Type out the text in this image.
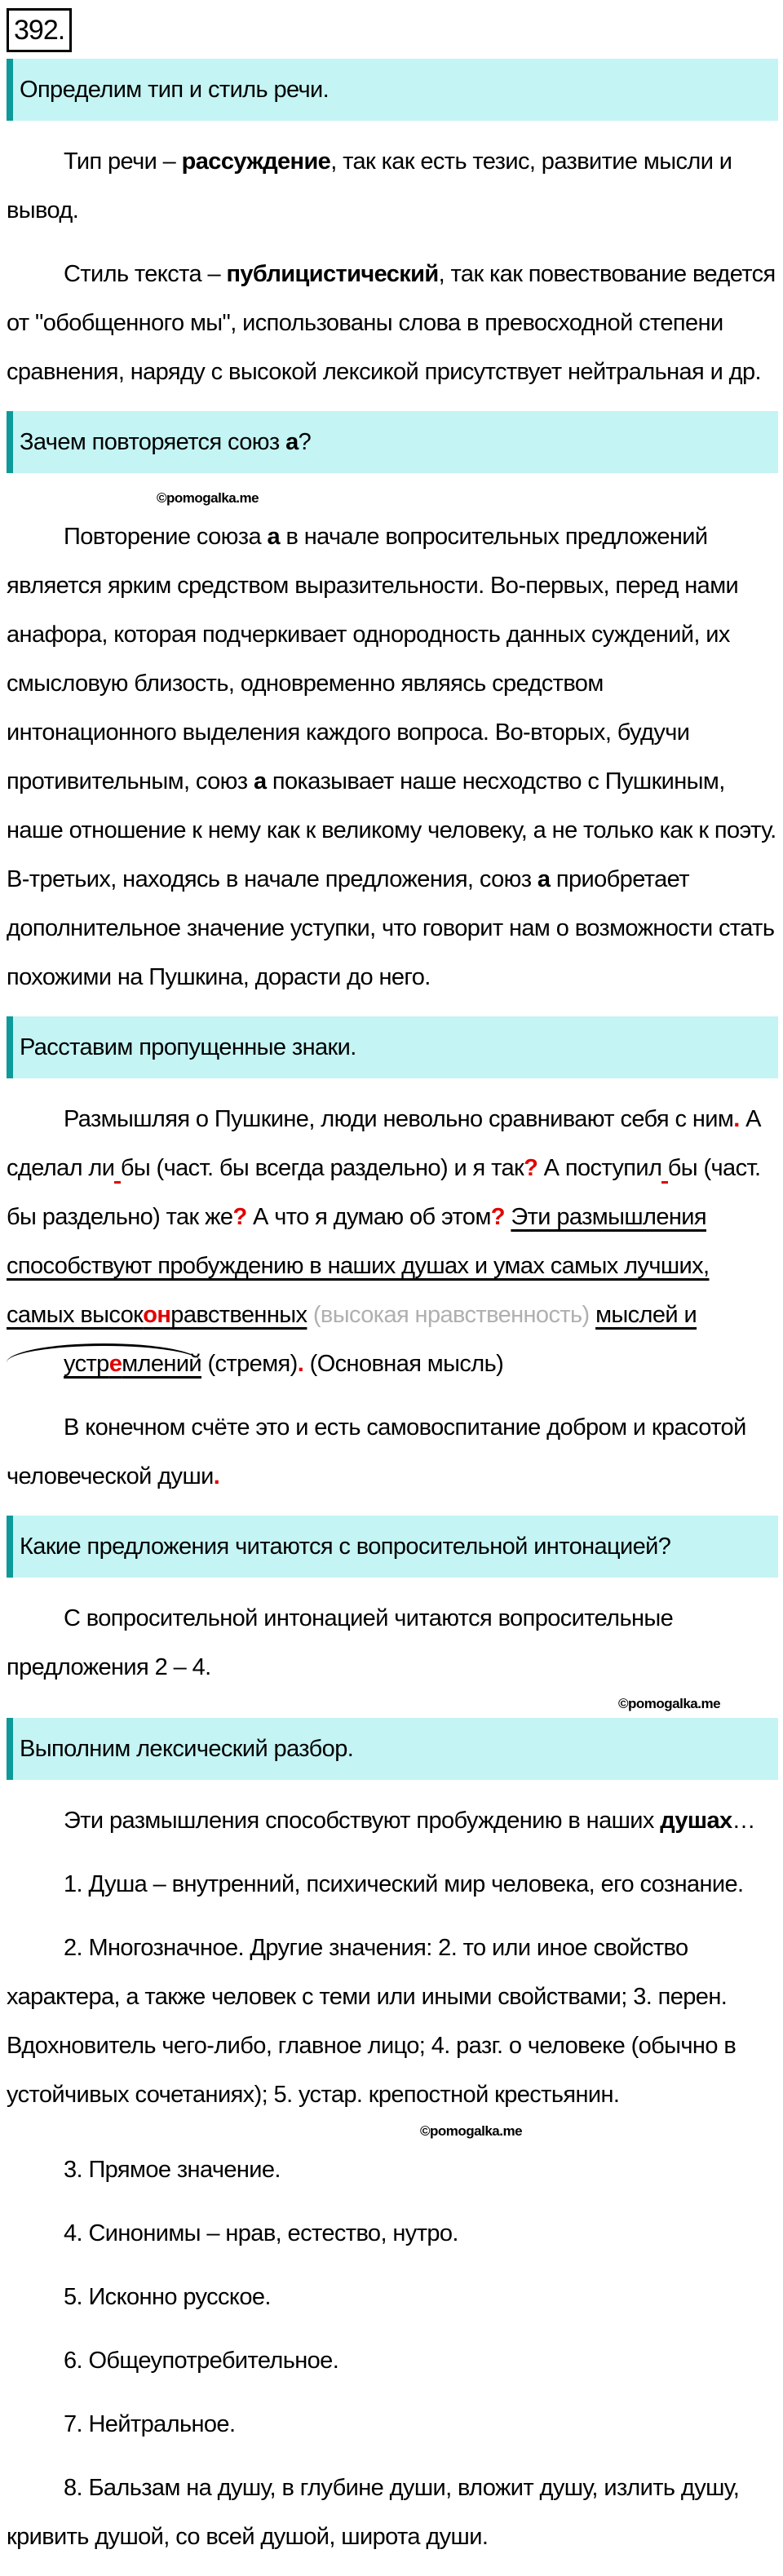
392.
Определим тип и стиль речи.

Тип речи – рассуждение, так как есть тезис, развитие мысли и вывод.

Стиль текста – публицистический, так как повествование ведется от "обобщенного мы", использованы слова в превосходной степени сравнения, наряду с высокой лексикой присутствует нейтральная и др.

Зачем повторяется союз а?
©pomogalka.me

Повторение союза а в начале вопросительных предложений является ярким средством выразительности. Во-первых, перед нами анафора, которая подчеркивает однородность данных суждений, их смысловую близость, одновременно являясь средством интонационного выделения каждого вопроса. Во-вторых, будучи противительным, союз а показывает наше несходство с Пушкиным, наше отношение к нему как к великому человеку, а не только как к поэту. В-третьих, находясь в начале предложения, союз а приобретает дополнительное значение уступки, что говорит нам о возможности стать похожими на Пушкина, дорасти до него.

Расставим пропущенные знаки.

Размышляя о Пушкине, люди невольно сравнивают себя с ним. А сделал ли бы (част. бы всегда раздельно) и я так? А поступил бы (част. бы раздельно) так же? А что я думаю об этом? Эти размышления способствуют пробуждению в наших душах и умах самых лучших, самых высоконравственных (высокая нравственность) мыслей и устремлений (стремя). (Основная мысль)

В конечном счёте это и есть самовоспитание добром и красотой человеческой души.

Какие предложения читаются с вопросительной интонацией?

С вопросительной интонацией читаются вопросительные предложения 2 – 4.

©pomogalka.me
Выполним лексический разбор.

Эти размышления способствуют пробуждению в наших душах…

1. Душа – внутренний, психический мир человека, его сознание.

2. Многозначное. Другие значения: 2. то или иное свойство характера, а также человек с теми или иными свойствами; 3. перен. Вдохновитель чего-либо, главное лицо; 4. разг. о человеке (обычно в устойчивых сочетаниях); 5. устар. крепостной крестьянин.

©pomogalka.me

3. Прямое значение.

4. Синонимы – нрав, естество, нутро.

5. Исконно русское.

6. Общеупотребительное.

7. Нейтральное.

8. Бальзам на душу, в глубине души, вложит душу, излить душу, кривить душой, со всей душой, широта души.
